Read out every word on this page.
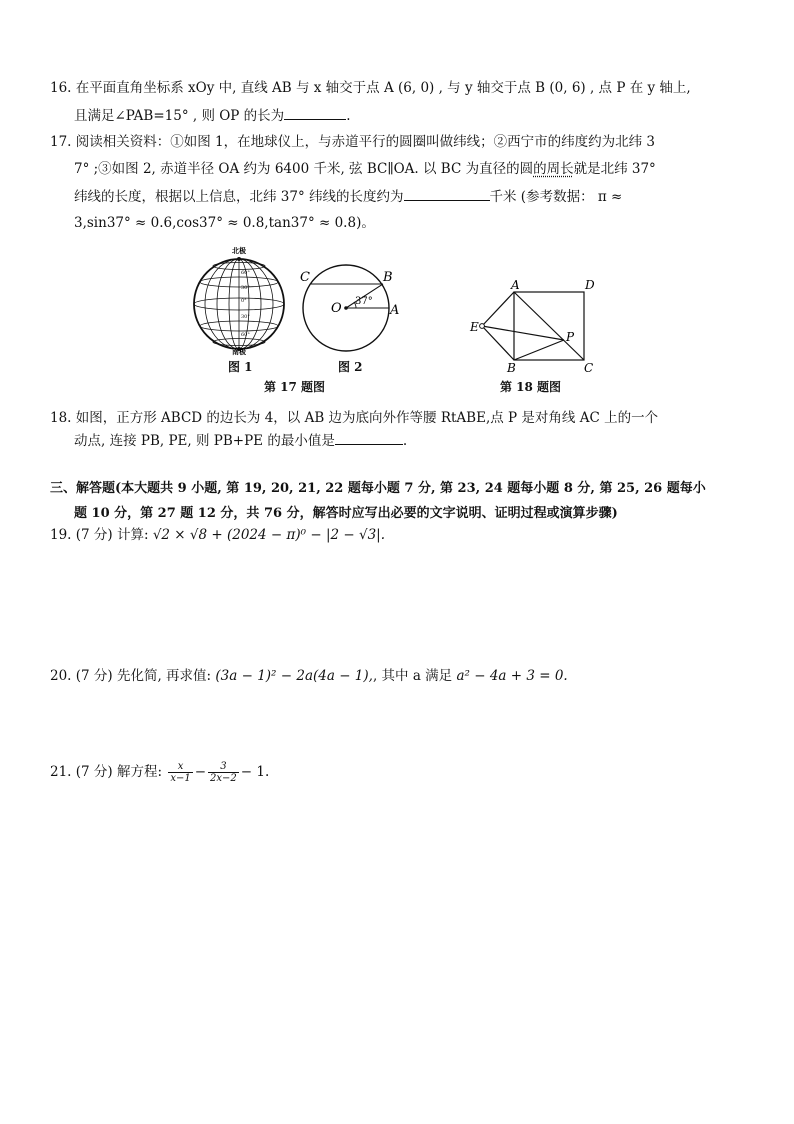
16. 在平面直角坐标系 xOy 中, 直线 AB 与 x 轴交于点 A (6, 0) , 与 y 轴交于点 B (0, 6) , 点 P 在 y 轴上,
且满足∠PAB=15° , 则 OP 的长为	.
17. 阅读相关资料：①如图 1，在地球仪上，与赤道平行的圆圈叫做纬线；②西宁市的纬度约为北纬 3
7° ;③如图 2, 赤道半径 OA 约为 6400 千米, 弦 BC∥OA. 以 BC 为直径的圆的周长就是北纬 37°
纬线的长度，根据以上信息，北纬 37° 纬线的长度约为	千米 (参考数据： π ≈
3,sin37° ≈ 0.6,cos37° ≈ 0.8,tan37° ≈ 0.8)。
北极
60°
30°
0°
30°
60°
南极
图 1
C	B
O	A
37°
图 2
第 17 题图
A	D
E
P
B	C
第 18 题图
18. 如图，正方形 ABCD 的边长为 4，以 AB 边为底向外作等腰 RtABE,点 P 是对角线 AC 上的一个
动点, 连接 PB, PE, 则 PB+PE 的最小值是	.
三、解答题(本大题共 9 小题, 第 19, 20, 21, 22 题每小题 7 分, 第 23, 24 题每小题 8 分, 第 25, 26 题每小
题 10 分，第 27 题 12 分，共 76 分，解答时应写出必要的文字说明、证明过程或演算步骤)
19. (7 分) 计算: √2 × √8 + (2024 − π)⁰ − |2 − √3|.
20. (7 分) 先化简, 再求值: (3a − 1)² − 2a(4a − 1),, 其中 a 满足 a² − 4a + 3 = 0.
21. (7 分) 解方程: $\frac{x}{x-1} - \frac{3}{2x-2} - 1$.
